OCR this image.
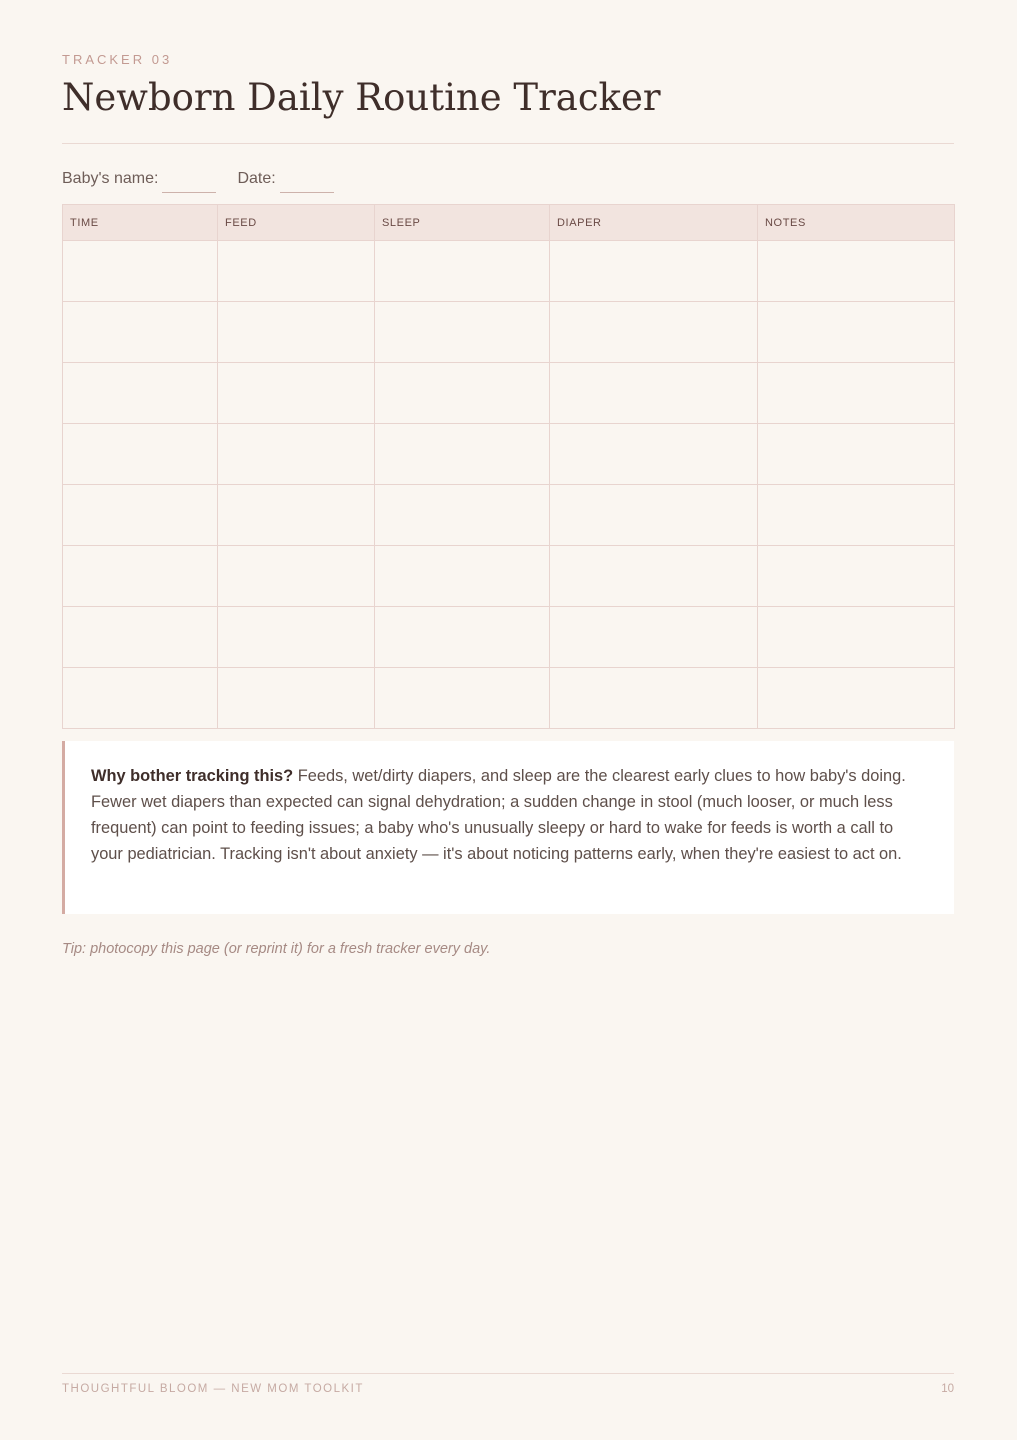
TRACKER 03
Newborn Daily Routine Tracker
Baby's name:	Date:
TIME	FEED	SLEEP	DIAPER	NOTES

Why bother tracking this? Feeds, wet/dirty diapers, and sleep are the clearest early clues to how baby's doing. Fewer wet diapers than expected can signal dehydration; a sudden change in stool (much looser, or much less frequent) can point to feeding issues; a baby who's unusually sleepy or hard to wake for feeds is worth a call to your pediatrician. Tracking isn't about anxiety — it's about noticing patterns early, when they're easiest to act on.
Tip: photocopy this page (or reprint it) for a fresh tracker every day.
THOUGHTFUL BLOOM — NEW MOM TOOLKIT	10
